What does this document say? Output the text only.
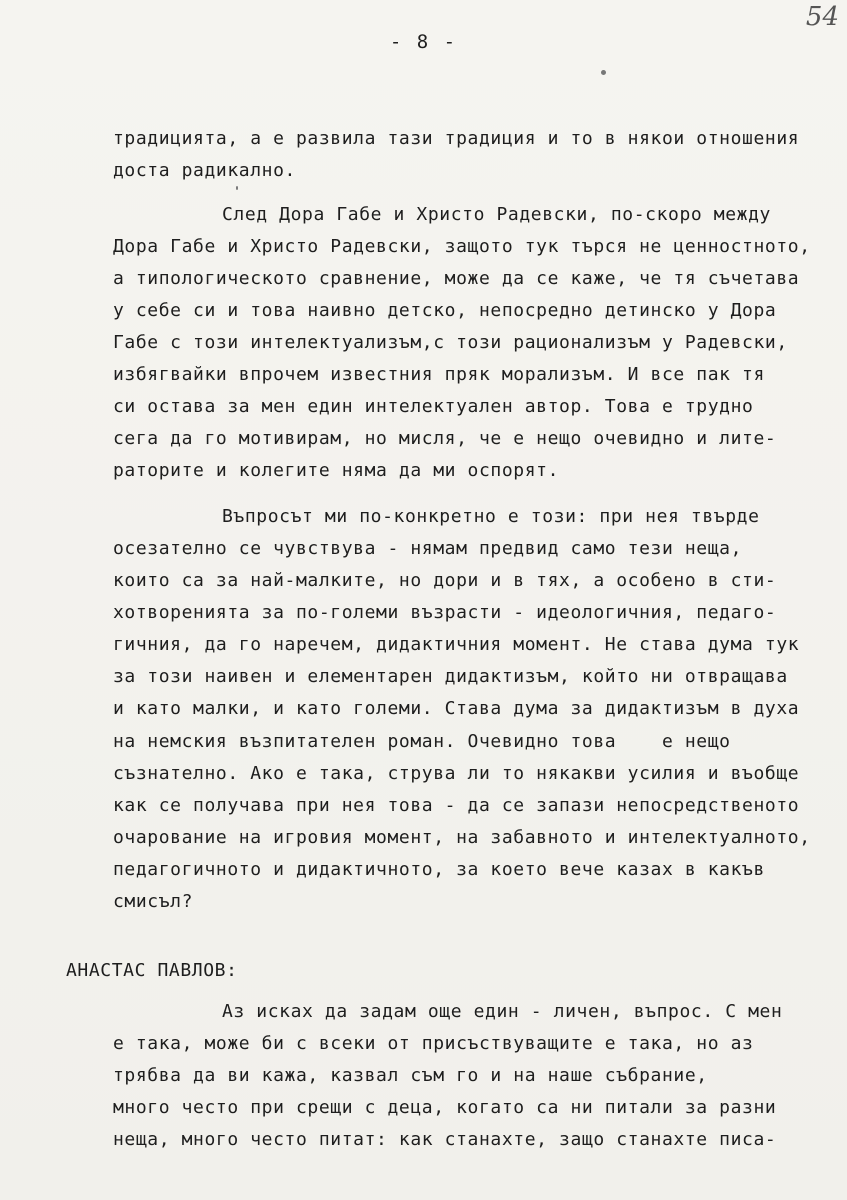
- 8 -
54
традицията, а е развила тази традиция и то в някои отношения
доста радикално.
След Дора Габе и Христо Радевски, по-скоро между
Дора Габе и Христо Радевски, защото тук търся не ценностното,
а типологическото сравнение, може да се каже, че тя съчетава
у себе си и това наивно детско, непосредно детинско у Дора
Габе с този интелектуализъм,с този рационализъм у Радевски,
избягвайки впрочем известния пряк морализъм. И все пак тя
си остава за мен един интелектуален автор. Това е трудно
сега да го мотивирам, но мисля, че е нещо очевидно и лите-
раторите и колегите няма да ми оспорят.
Въпросът ми по-конкретно е този: при нея твърде
осезателно се чувствува - нямам предвид само тези неща,
които са за най-малките, но дори и в тях, а особено в сти-
хотворенията за по-големи възрасти - идеологичния, педаго-
гичния, да го наречем, дидактичния момент. Не става дума тук
за този наивен и елементарен дидактизъм, който ни отвращава
и като малки, и като големи. Става дума за дидактизъм в духа
на немския възпитателен роман. Очевидно това    е нещо
съзнателно. Ако е така, струва ли то някакви усилия и въобще
как се получава при нея това - да се запази непосредственото
очарование на игровия момент, на забавното и интелектуалното,
педагогичното и дидактичното, за което вече казах в какъв
смисъл?
АНАСТАС ПАВЛОВ:
Аз исках да задам още един - личен, въпрос. С мен
е така, може би с всеки от присъствуващите е така, но аз
трябва да ви кажа, казвал съм го и на наше събрание,
много често при срещи с деца, когато са ни питали за разни
неща, много често питат: как станахте, защо станахте писа-
